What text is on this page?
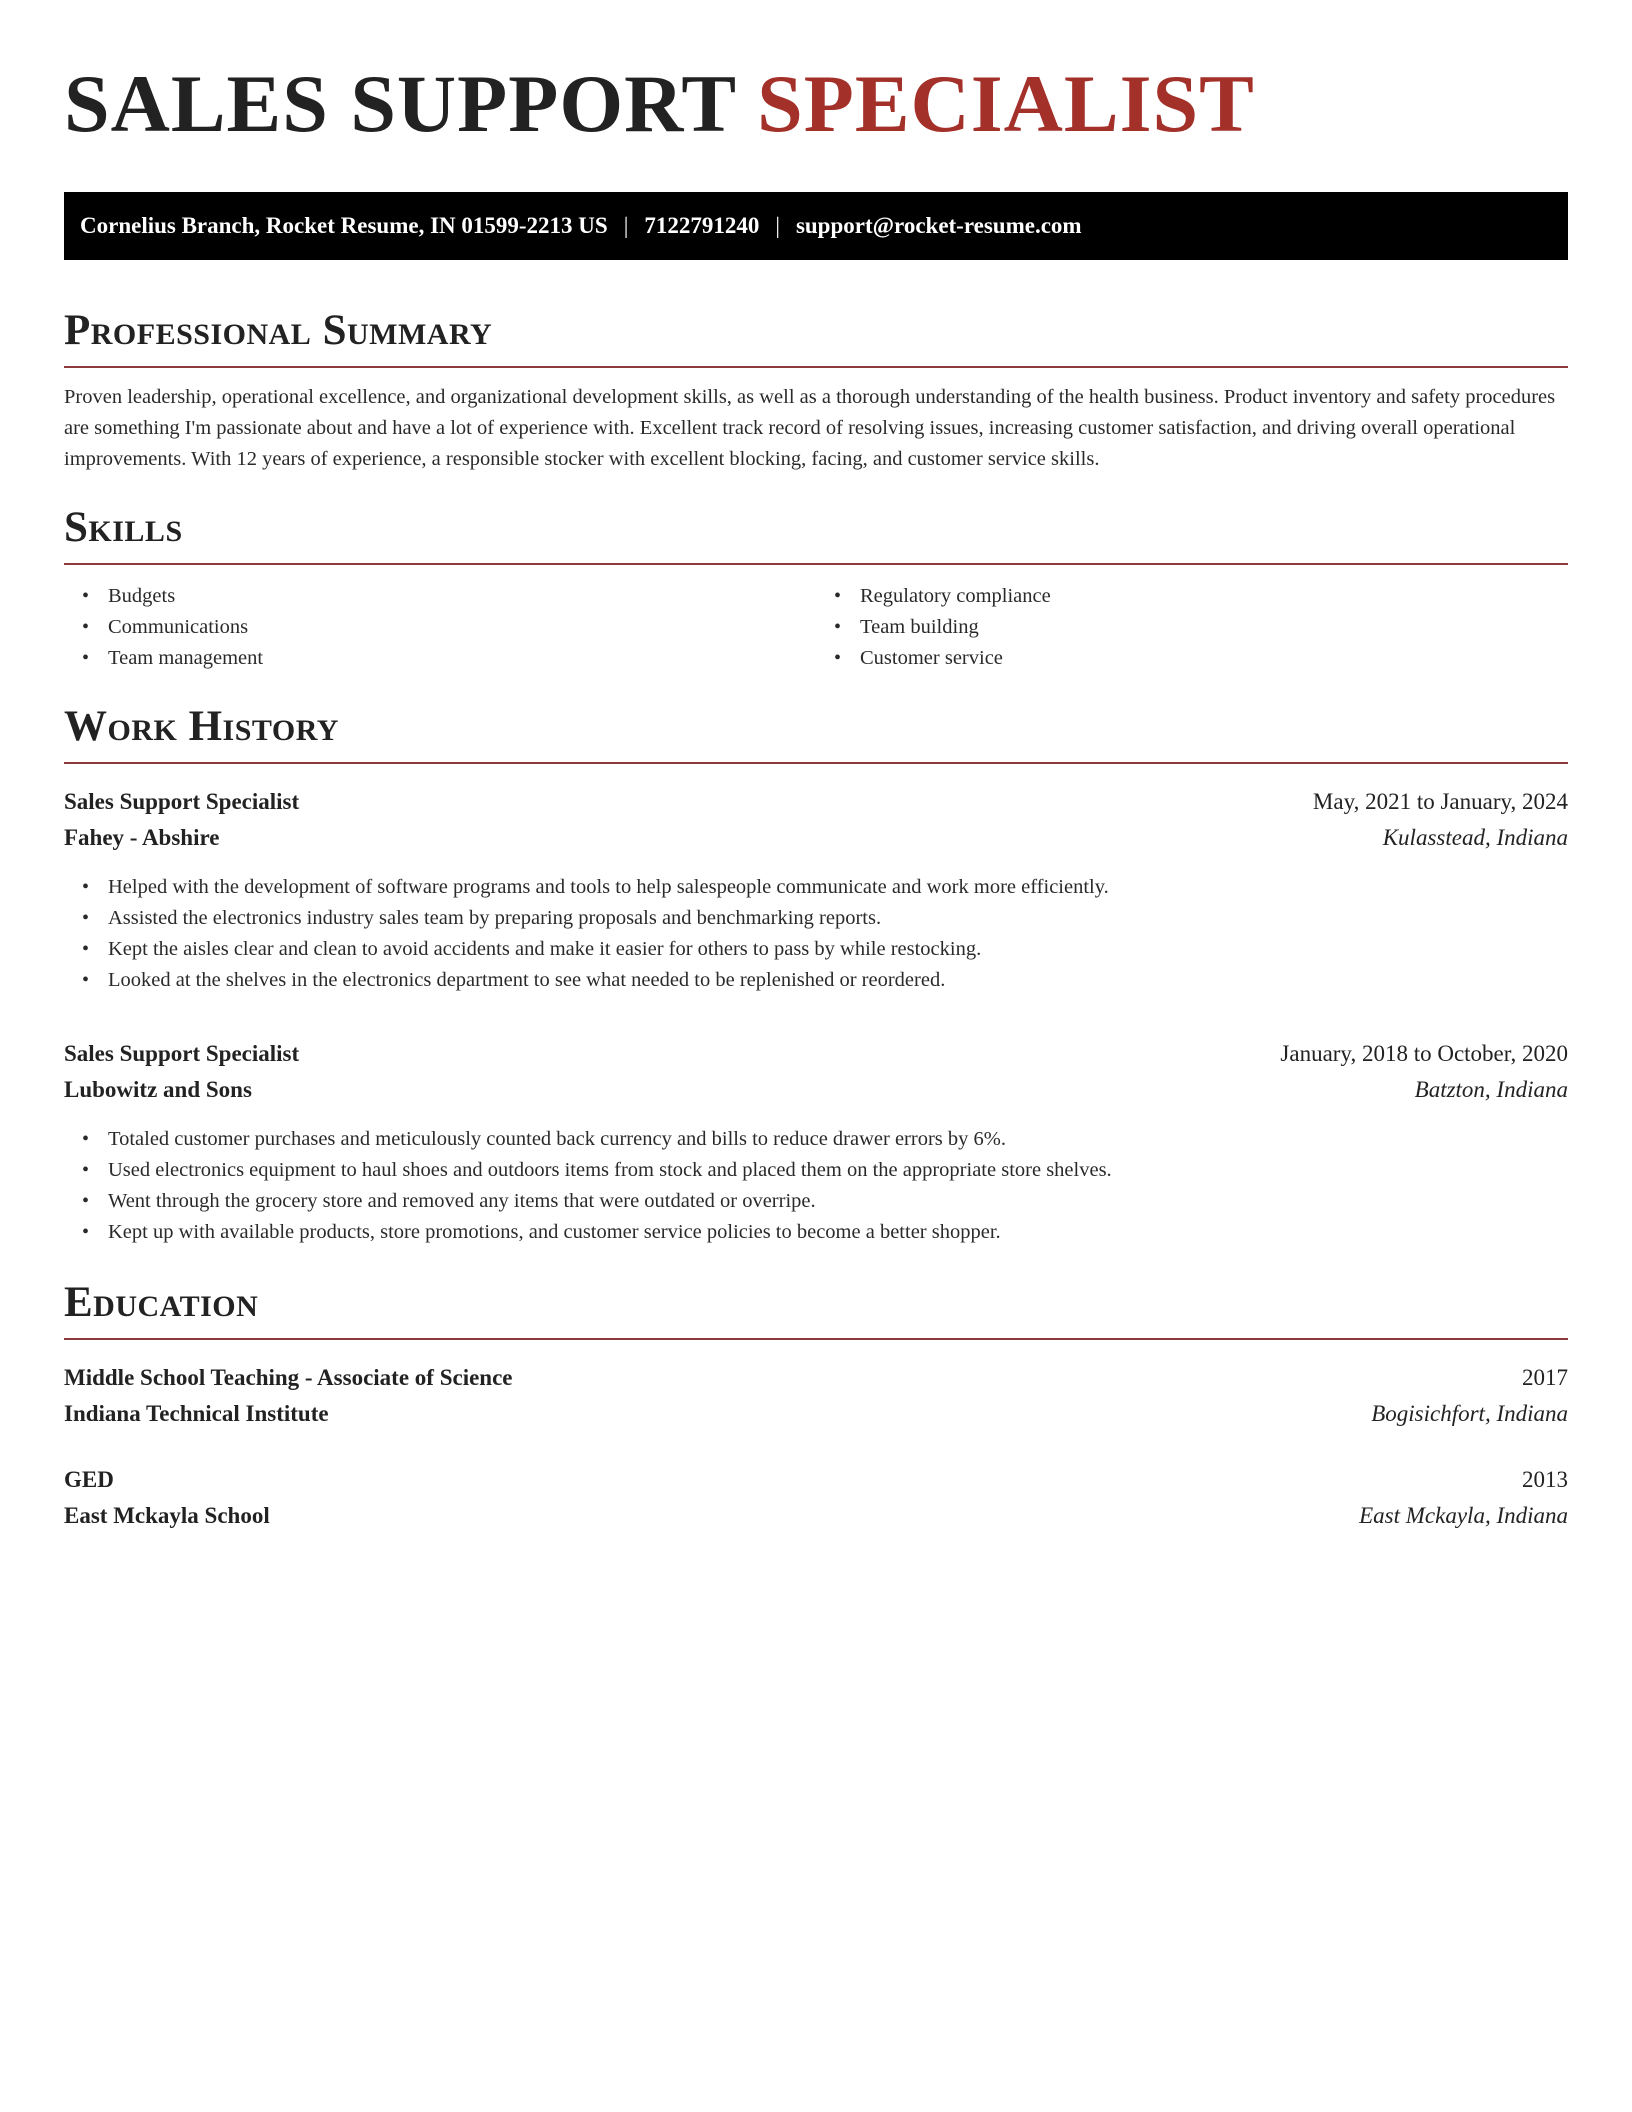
SALES SUPPORT SPECIALIST
Cornelius Branch, Rocket Resume, IN 01599-2213 US | 7122791240 | support@rocket-resume.com
Professional Summary

Proven leadership, operational excellence, and organizational development skills, as well as a thorough understanding of the health business. Product inventory and safety procedures are something I'm passionate about and have a lot of experience with. Excellent track record of resolving issues, increasing customer satisfaction, and driving overall operational improvements. With 12 years of experience, a responsible stocker with excellent blocking, facing, and customer service skills.

Skills
• Budgets
• Communications
• Team management
• Regulatory compliance
• Team building
• Customer service
Work History
Sales Support Specialist	May, 2021 to January, 2024
Fahey - Abshire	Kulasstead, Indiana
• Helped with the development of software programs and tools to help salespeople communicate and work more efficiently.
• Assisted the electronics industry sales team by preparing proposals and benchmarking reports.
• Kept the aisles clear and clean to avoid accidents and make it easier for others to pass by while restocking.
• Looked at the shelves in the electronics department to see what needed to be replenished or reordered.
Sales Support Specialist	January, 2018 to October, 2020
Lubowitz and Sons	Batzton, Indiana
• Totaled customer purchases and meticulously counted back currency and bills to reduce drawer errors by 6%.
• Used electronics equipment to haul shoes and outdoors items from stock and placed them on the appropriate store shelves.
• Went through the grocery store and removed any items that were outdated or overripe.
• Kept up with available products, store promotions, and customer service policies to become a better shopper.
Education
Middle School Teaching - Associate of Science	2017
Indiana Technical Institute	Bogisichfort, Indiana
GED	2013
East Mckayla School	East Mckayla, Indiana
